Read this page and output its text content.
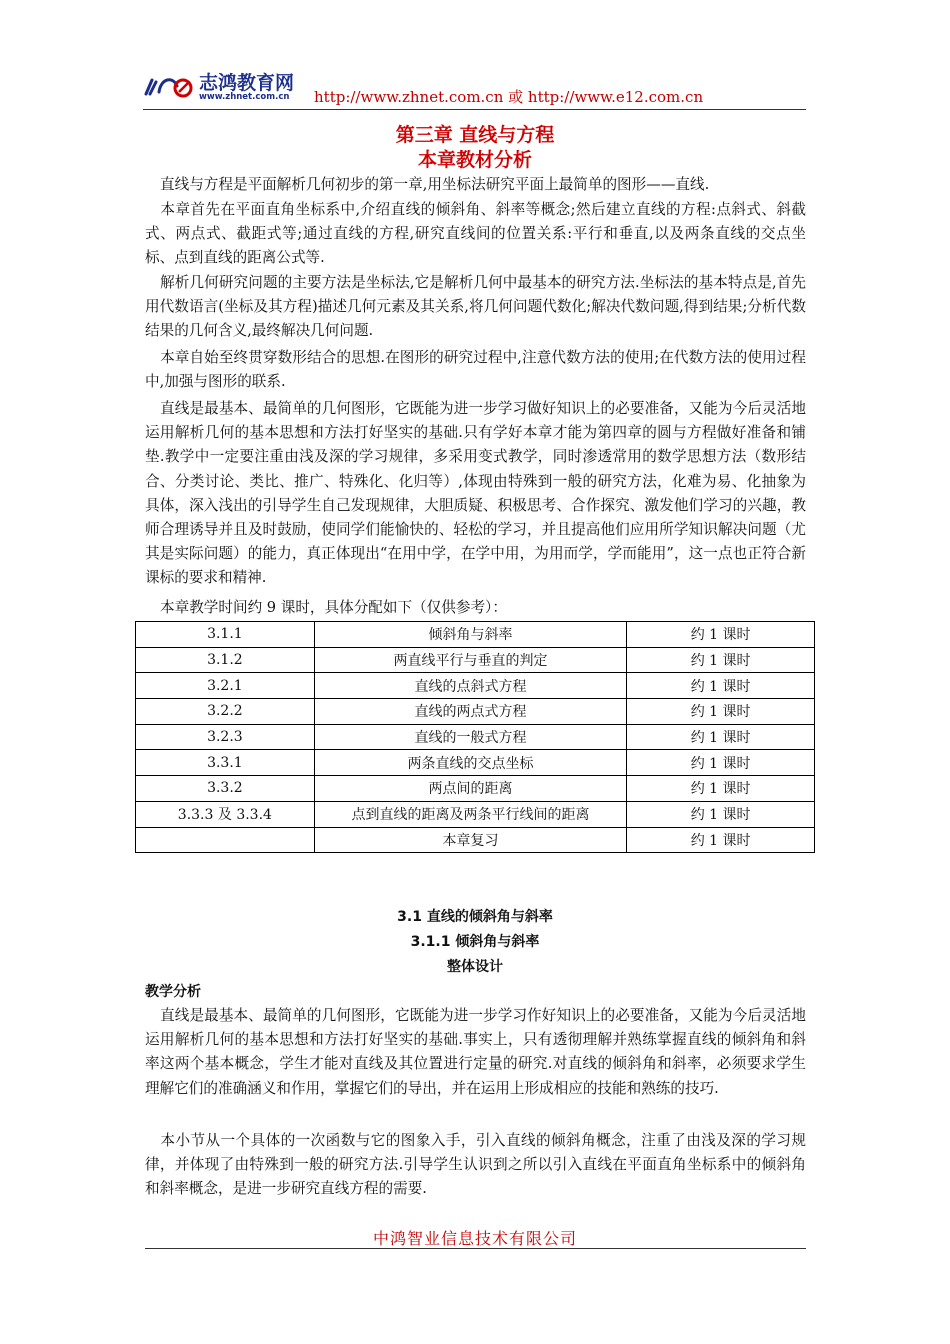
志鸿教育网
www.zhnet.com.cn http://www.zhnet.com.cn 或 http://www.e12.com.cn
第三章 直线与方程
本章教材分析

直线与方程是平面解析几何初步的第一章,用坐标法研究平面上最简单的图形——直线.

本章首先在平面直角坐标系中,介绍直线的倾斜角、斜率等概念;然后建立直线的方程:点斜式、斜截式、两点式、截距式等;通过直线的方程,研究直线间的位置关系:平行和垂直,以及两条直线的交点坐标、点到直线的距离公式等.

解析几何研究问题的主要方法是坐标法,它是解析几何中最基本的研究方法.坐标法的基本特点是,首先用代数语言(坐标及其方程)描述几何元素及其关系,将几何问题代数化;解决代数问题,得到结果;分析代数结果的几何含义,最终解决几何问题.

本章自始至终贯穿数形结合的思想.在图形的研究过程中,注意代数方法的使用;在代数方法的使用过程中,加强与图形的联系.

直线是最基本、最简单的几何图形，它既能为进一步学习做好知识上的必要准备，又能为今后灵活地运用解析几何的基本思想和方法打好坚实的基础.只有学好本章才能为第四章的圆与方程做好准备和铺垫.教学中一定要注重由浅及深的学习规律，多采用变式教学，同时渗透常用的数学思想方法（数形结合、分类讨论、类比、推广、特殊化、化归等）,体现由特殊到一般的研究方法，化难为易、化抽象为具体，深入浅出的引导学生自己发现规律，大胆质疑、积极思考、合作探究、激发他们学习的兴趣，教师合理诱导并且及时鼓励，使同学们能愉快的、轻松的学习，并且提高他们应用所学知识解决问题（尤其是实际问题）的能力，真正体现出“在用中学，在学中用，为用而学，学而能用”，这一点也正符合新课标的要求和精神.

本章教学时间约 9 课时，具体分配如下（仅供参考）：

3.1.1	倾斜角与斜率	约 1 课时
3.1.2	两直线平行与垂直的判定	约 1 课时
3.2.1	直线的点斜式方程	约 1 课时
3.2.2	直线的两点式方程	约 1 课时
3.2.3	直线的一般式方程	约 1 课时
3.3.1	两条直线的交点坐标	约 1 课时
3.3.2	两点间的距离	约 1 课时
3.3.3 及 3.3.4	点到直线的距离及两条平行线间的距离	约 1 课时
	本章复习	约 1 课时
3.1 直线的倾斜角与斜率
3.1.1 倾斜角与斜率
整体设计
教学分析

直线是最基本、最简单的几何图形，它既能为进一步学习作好知识上的必要准备，又能为今后灵活地运用解析几何的基本思想和方法打好坚实的基础.事实上，只有透彻理解并熟练掌握直线的倾斜角和斜率这两个基本概念，学生才能对直线及其位置进行定量的研究.对直线的倾斜角和斜率，必须要求学生理解它们的准确涵义和作用，掌握它们的导出，并在运用上形成相应的技能和熟练的技巧.

本小节从一个具体的一次函数与它的图象入手，引入直线的倾斜角概念，注重了由浅及深的学习规律，并体现了由特殊到一般的研究方法.引导学生认识到之所以引入直线在平面直角坐标系中的倾斜角和斜率概念，是进一步研究直线方程的需要.

中鸿智业信息技术有限公司
